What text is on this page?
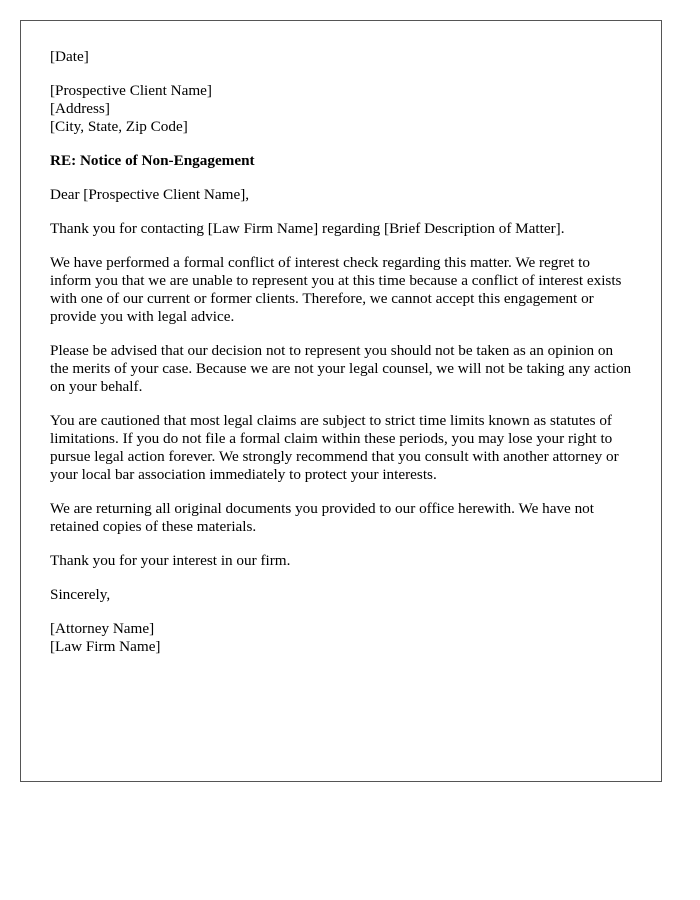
[Date]

[Prospective Client Name]

[Address]

[City, State, Zip Code]

RE: Notice of Non-Engagement

Dear [Prospective Client Name],

Thank you for contacting [Law Firm Name] regarding [Brief Description of Matter].

We have performed a formal conflict of interest check regarding this matter. We regret to inform you that we are unable to represent you at this time because a conflict of interest exists with one of our current or former clients. Therefore, we cannot accept this engagement or provide you with legal advice.

Please be advised that our decision not to represent you should not be taken as an opinion on the merits of your case. Because we are not your legal counsel, we will not be taking any action on your behalf.

You are cautioned that most legal claims are subject to strict time limits known as statutes of limitations. If you do not file a formal claim within these periods, you may lose your right to pursue legal action forever. We strongly recommend that you consult with another attorney or your local bar association immediately to protect your interests.

We are returning all original documents you provided to our office herewith. We have not retained copies of these materials.

Thank you for your interest in our firm.

Sincerely,

[Attorney Name]

[Law Firm Name]
